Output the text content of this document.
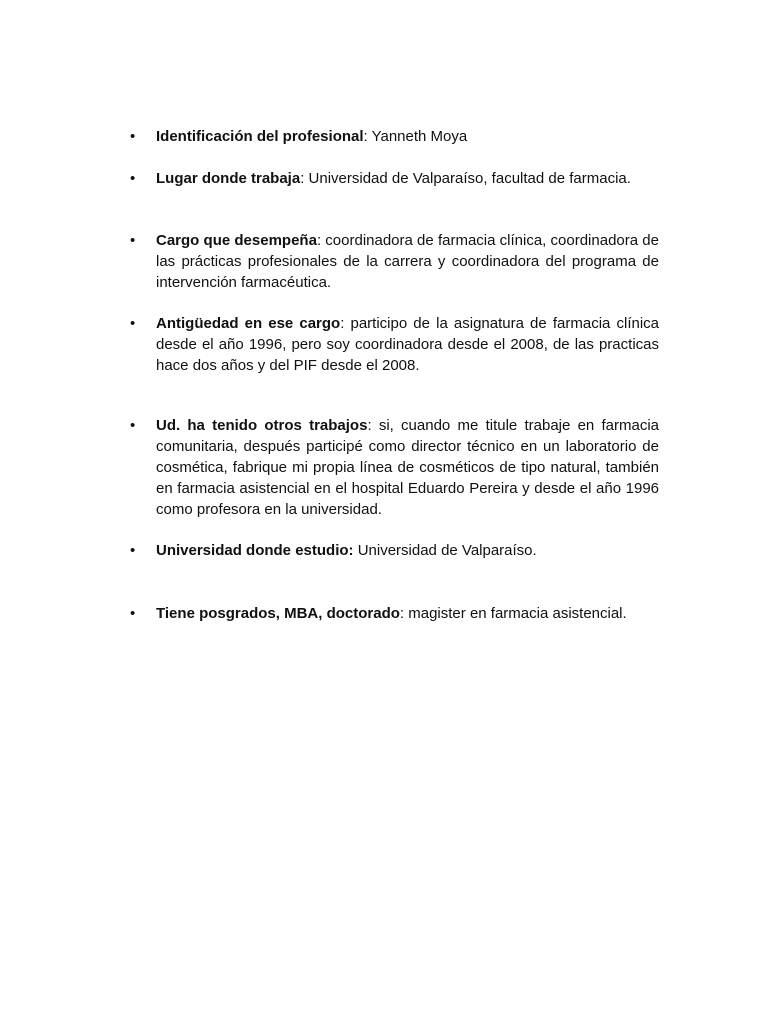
•	Identificación del profesional: Yanneth Moya
•	Lugar donde trabaja: Universidad de Valparaíso, facultad de farmacia.
•	Cargo que desempeña: coordinadora de farmacia clínica, coordinadora de las prácticas profesionales de la carrera y coordinadora del programa de intervención farmacéutica.
•	Antigüedad en ese cargo: participo de la asignatura de farmacia clínica desde el año 1996, pero soy coordinadora desde el 2008, de las practicas hace dos años y del PIF desde el 2008.
•	Ud. ha tenido otros trabajos: si, cuando me titule trabaje en farmacia comunitaria, después participé como director técnico en un laboratorio de cosmética, fabrique mi propia línea de cosméticos de tipo natural, también en farmacia asistencial en el hospital Eduardo Pereira y desde el año 1996 como profesora en la universidad.
•	Universidad donde estudio: Universidad de Valparaíso.
•	Tiene posgrados, MBA, doctorado: magister en farmacia asistencial.
